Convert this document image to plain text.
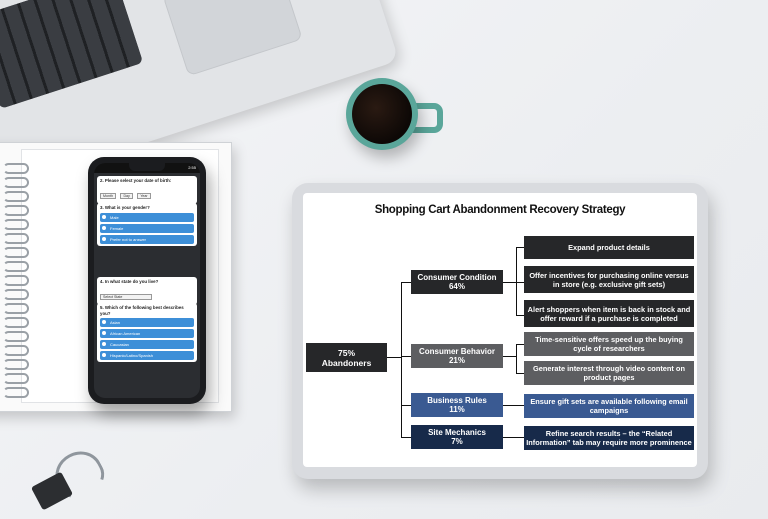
2:55
2. Please select your date of birth:
Month	Day	Year
3. What is your gender?
Male
Female
Prefer not to answer
4. In what state do you live?
Select State
5. Which of the following best describes you?
Asian
African American
Caucasian
Hispanic/Latino/Spanish
Shopping Cart Abandonment Recovery Strategy
75%
Abandoners
Consumer Condition
64%
Consumer Behavior
21%
Business Rules
11%
Site Mechanics
7%
Expand product details
Offer incentives for purchasing online versus in store (e.g. exclusive gift sets)
Alert shoppers when item is back in stock and offer reward if a purchase is completed
Time-sensitive offers speed up the buying cycle of researchers
Generate interest through video content on product pages
Ensure gift sets are available following email campaigns
Refine search results – the “Related Information” tab may require more prominence
